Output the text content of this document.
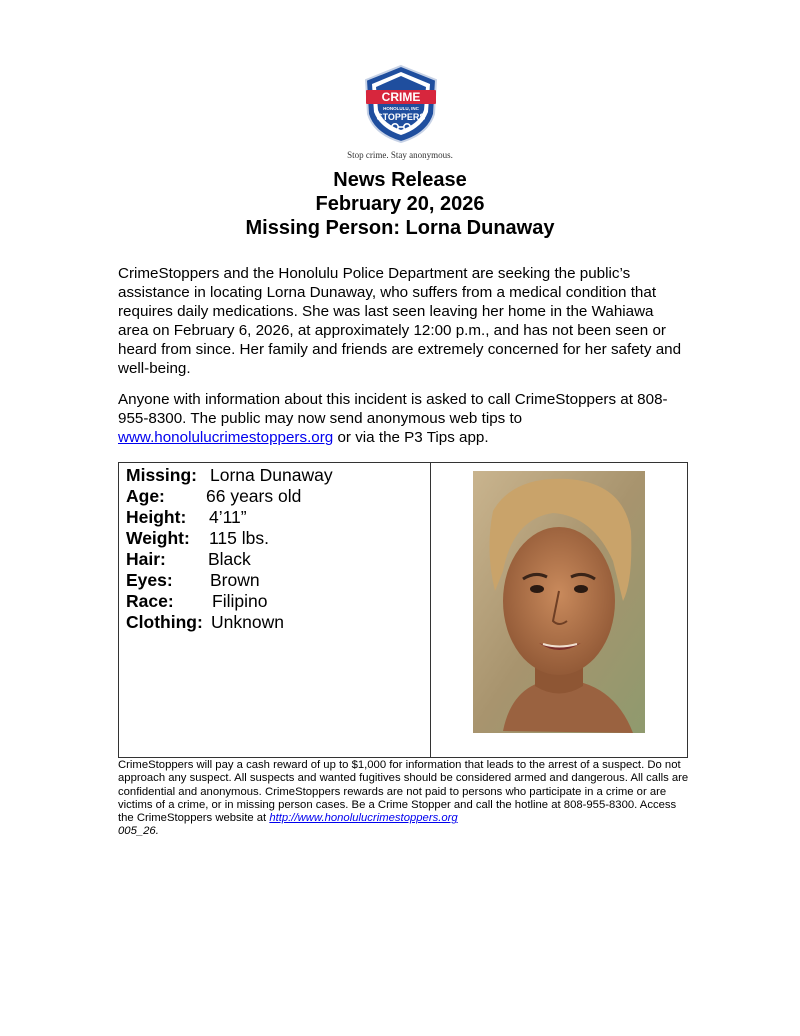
CRIME
HONOLULU, INC
STOPPERS
Stop crime. Stay anonymous.
News Release
February 20, 2026
Missing Person: Lorna Dunaway

CrimeStoppers and the Honolulu Police Department are seeking the public’s assistance in locating Lorna Dunaway, who suffers from a medical condition that requires daily medications. She was last seen leaving her home in the Wahiawa area on February 6, 2026, at approximately 12:00 p.m., and has not been seen or heard from since. Her family and friends are extremely concerned for her safety and well-being.

Anyone with information about this incident is asked to call CrimeStoppers at 808-955-8300. The public may now send anonymous web tips to www.honolulucrimestoppers.org or via the P3 Tips app.

Missing: Lorna Dunaway
Age:	66 years old
Height:	4’11”
Weight:	115 lbs.
Hair:	Black
Eyes:	Brown
Race:	Filipino
Clothing: Unknown

CrimeStoppers will pay a cash reward of up to $1,000 for information that leads to the arrest of a suspect. Do not approach any suspect. All suspects and wanted fugitives should be considered armed and dangerous. All calls are confidential and anonymous. CrimeStoppers rewards are not paid to persons who participate in a crime or are victims of a crime, or in missing person cases. Be a Crime Stopper and call the hotline at 808-955-8300. Access the CrimeStoppers website at http://www.honolulucrimestoppers.org
005_26.
